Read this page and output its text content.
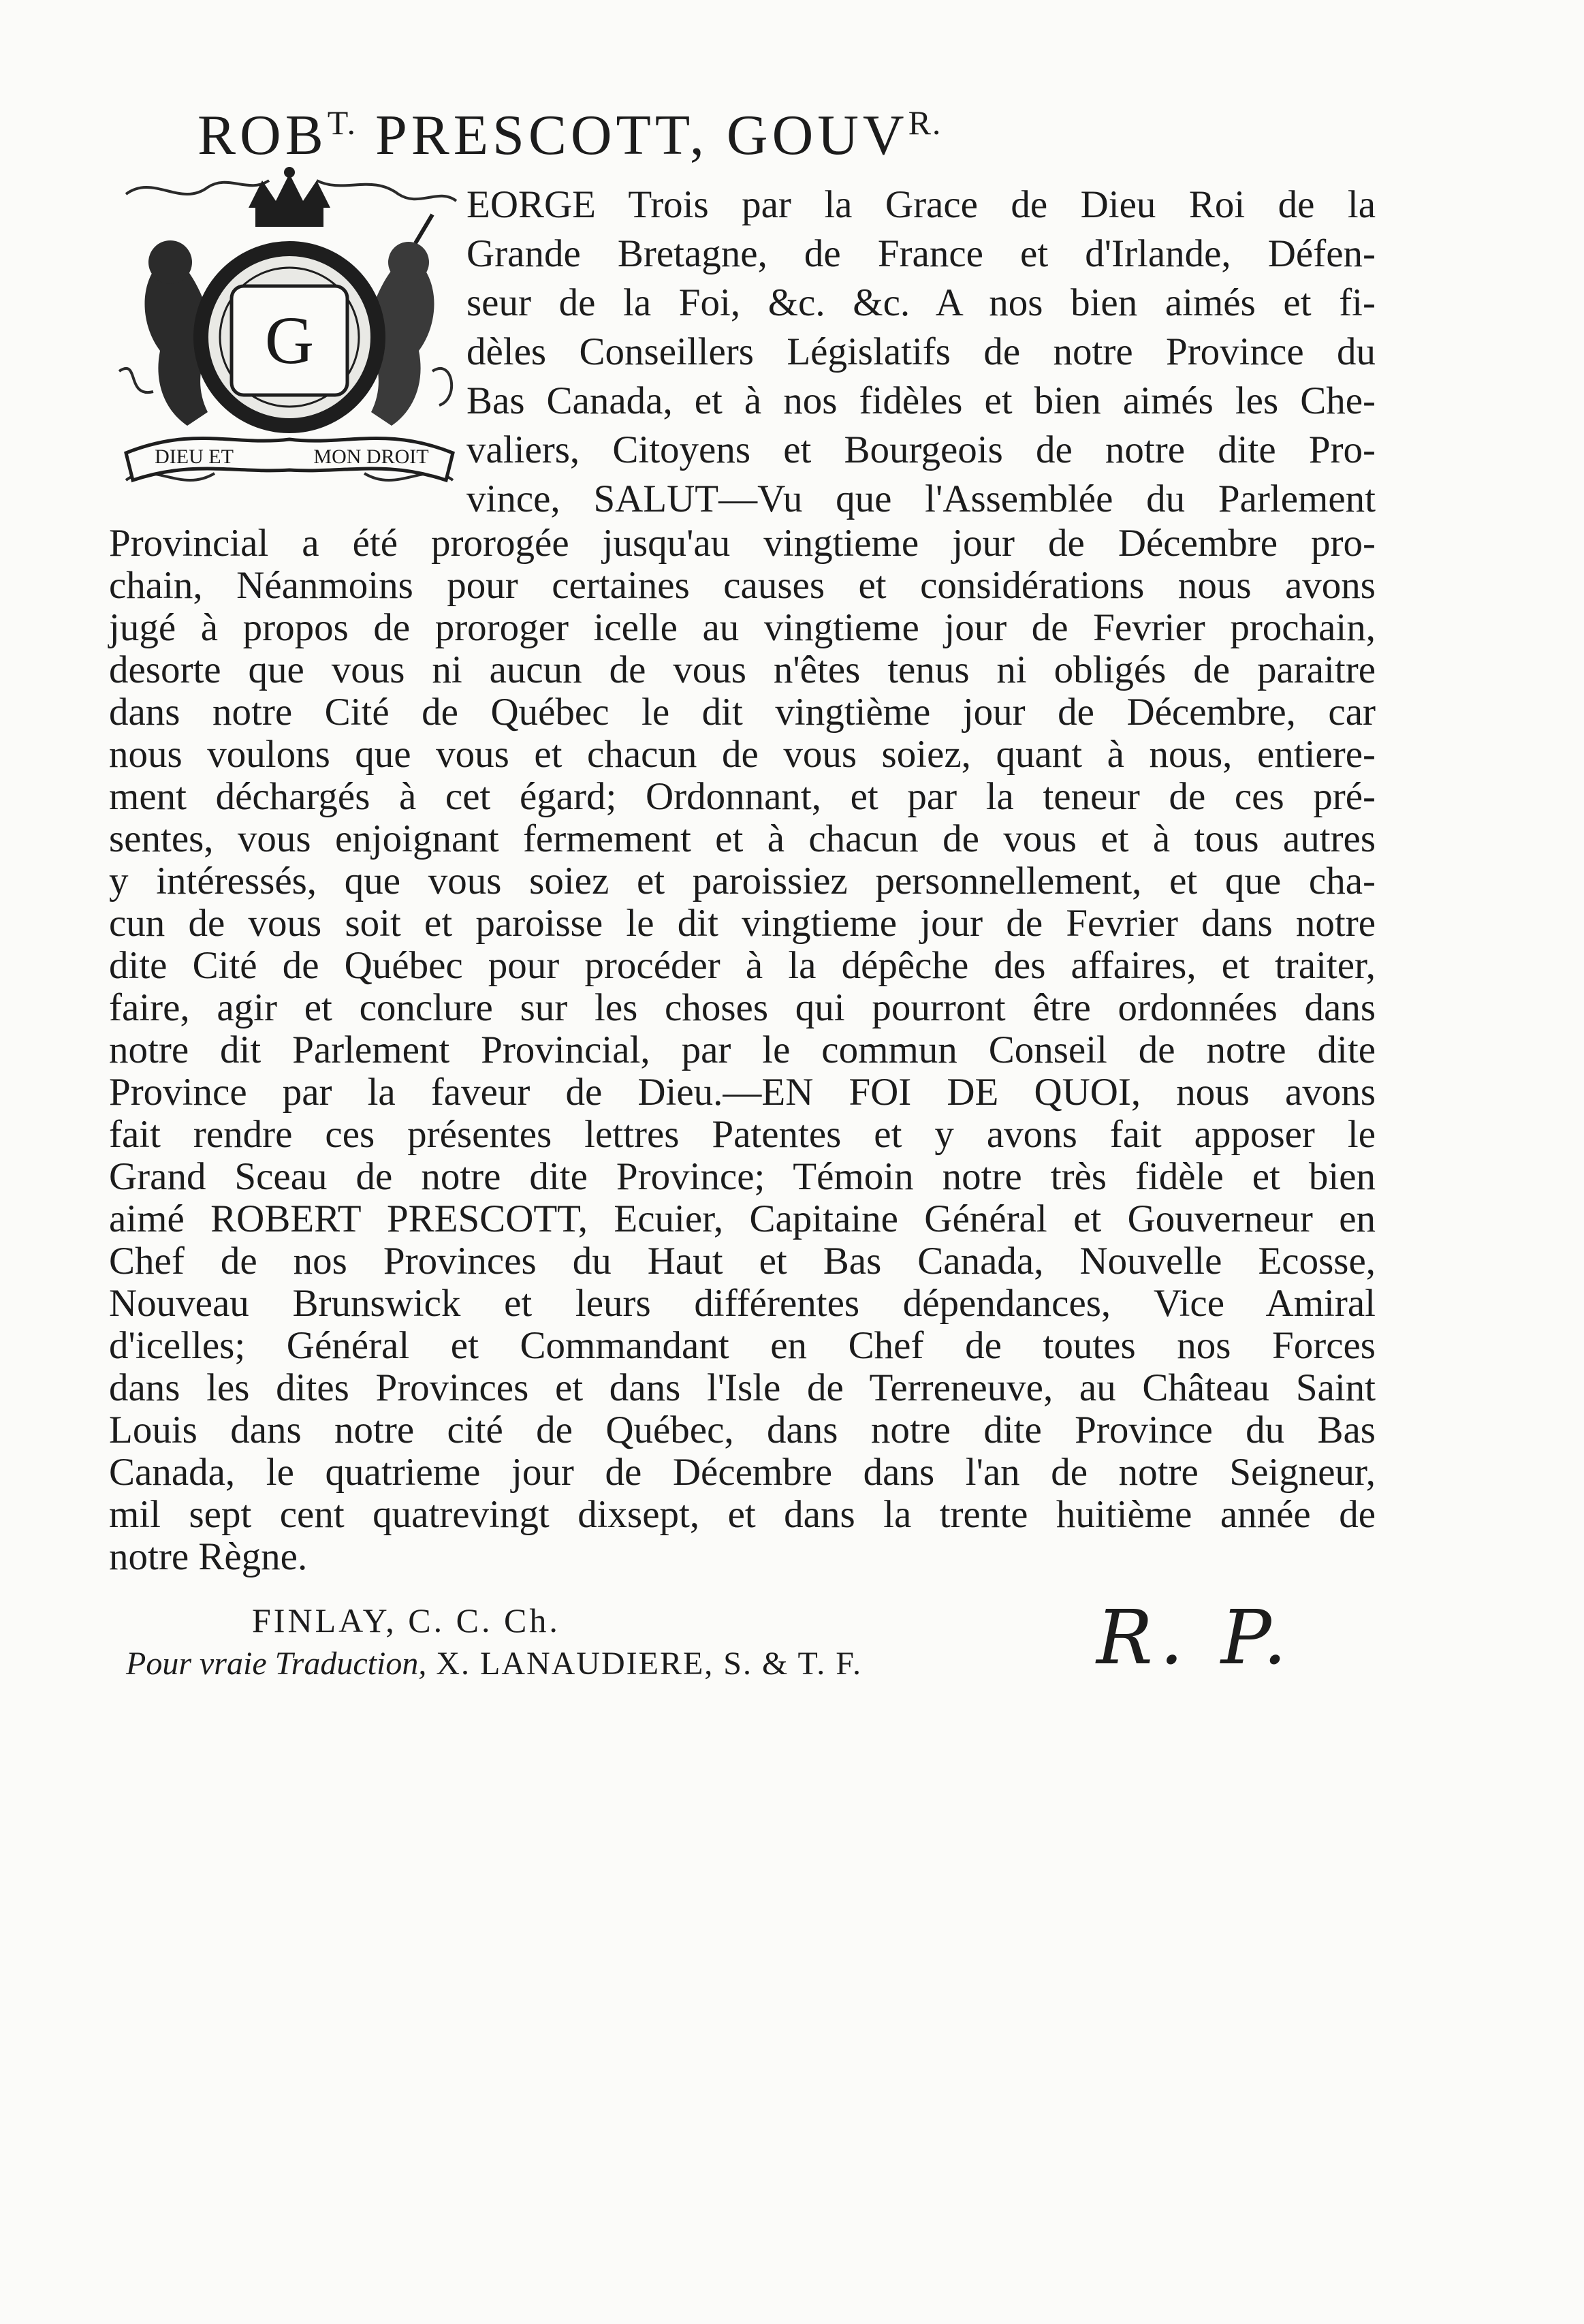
$ROB^{T.}$ PRESCOTT, $GOUV^{R.}$
G
DIEU ET	MON DROIT
EORGE Trois par la Grace de Dieu Roi de la
Grande Bretagne, de France et d'Irlande, Défen-
seur de la Foi, &c. &c. A nos bien aimés et fi-
dèles Conseillers Législatifs de notre Province du
Bas Canada, et à nos fidèles et bien aimés les Che-
valiers, Citoyens et Bourgeois de notre dite Pro-
vince, SALUT—Vu que l'Assemblée du Parlement
Provincial a été prorogée jusqu'au vingtieme jour de Décembre pro-
chain, Néanmoins pour certaines causes et considérations nous avons
jugé à propos de proroger icelle au vingtieme jour de Fevrier prochain,
desorte que vous ni aucun de vous n'êtes tenus ni obligés de paraitre
dans notre Cité de Québec le dit vingtième jour de Décembre, car
nous voulons que vous et chacun de vous soiez, quant à nous, entiere-
ment déchargés à cet égard; Ordonnant, et par la teneur de ces pré-
sentes, vous enjoignant fermement et à chacun de vous et à tous autres
y intéressés, que vous soiez et paroissiez personnellement, et que cha-
cun de vous soit et paroisse le dit vingtieme jour de Fevrier dans notre
dite Cité de Québec pour procéder à la dépêche des affaires, et traiter,
faire, agir et conclure sur les choses qui pourront être ordonnées dans
notre dit Parlement Provincial, par le commun Conseil de notre dite
Province par la faveur de Dieu.—EN FOI DE QUOI, nous avons
fait rendre ces présentes lettres Patentes et y avons fait apposer le
Grand Sceau de notre dite Province; Témoin notre très fidèle et bien
aimé ROBERT PRESCOTT, Ecuier, Capitaine Général et Gouverneur en
Chef de nos Provinces du Haut et Bas Canada, Nouvelle Ecosse,
Nouveau Brunswick et leurs différentes dépendances, Vice Amiral
d'icelles; Général et Commandant en Chef de toutes nos Forces
dans les dites Provinces et dans l'Isle de Terreneuve, au Château Saint
Louis dans notre cité de Québec, dans notre dite Province du Bas
Canada, le quatrieme jour de Décembre dans l'an de notre Seigneur,
mil sept cent quatrevingt dixsept, et dans la trente huitième année de
notre Règne.
FINLAY, C. C. Ch.
Pour vraie Traduction, X. LANAUDIERE, S. & T. F.	R. P.
